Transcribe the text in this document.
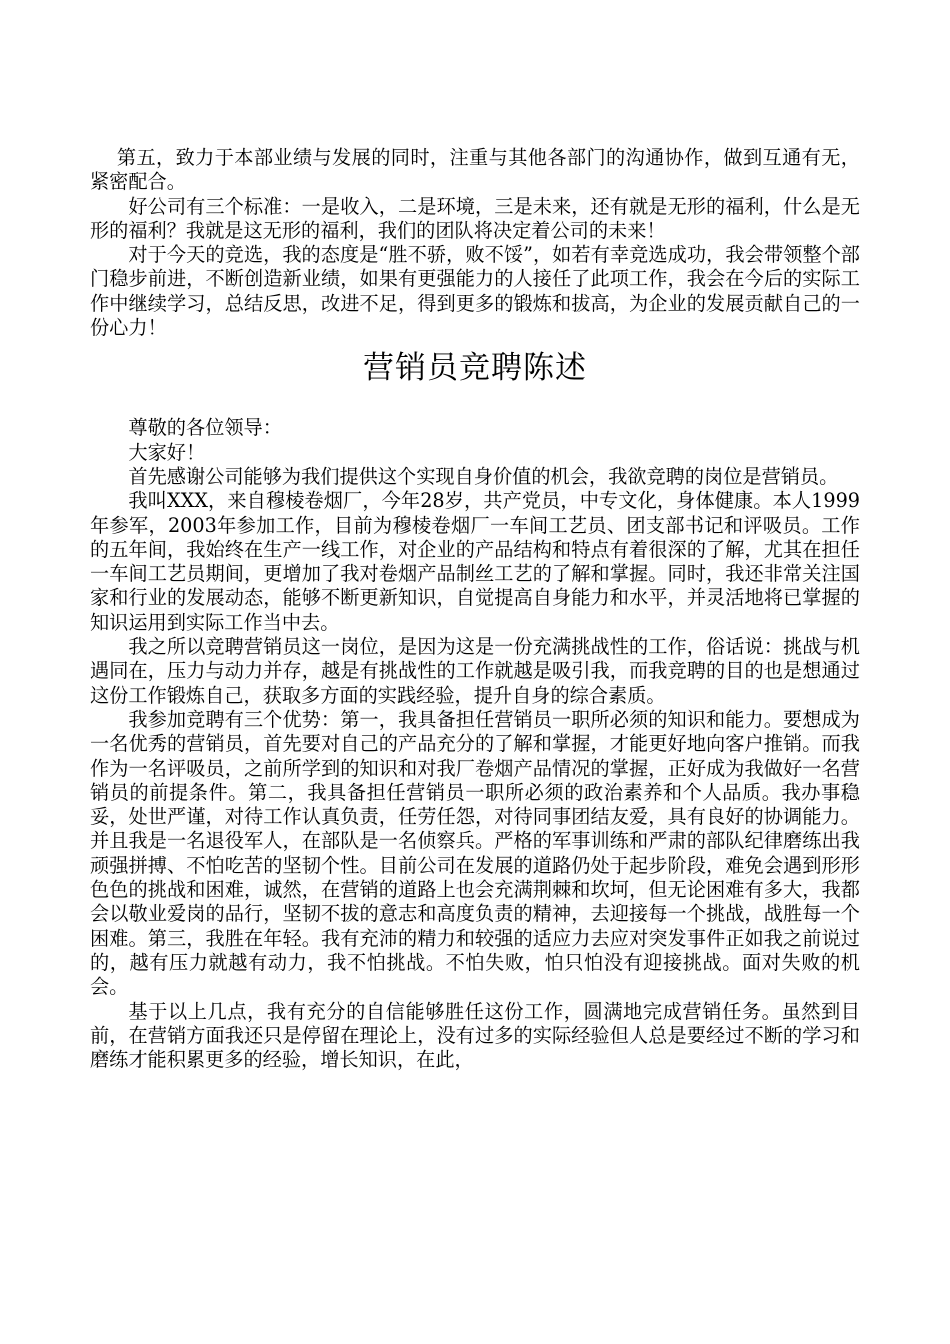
第五，致力于本部业绩与发展的同时，注重与其他各部门的沟通协作，做到互通有无，紧密配合。

好公司有三个标准：一是收入，二是环境，三是未来，还有就是无形的福利，什么是无形的福利？我就是这无形的福利，我们的团队将决定着公司的未来！

对于今天的竞选，我的态度是“胜不骄，败不馁”，如若有幸竞选成功，我会带领整个部门稳步前进，不断创造新业绩，如果有更强能力的人接任了此项工作，我会在今后的实际工作中继续学习，总结反思，改进不足，得到更多的锻炼和拔高，为企业的发展贡献自己的一份心力！

营销员竞聘陈述

尊敬的各位领导：

大家好！

首先感谢公司能够为我们提供这个实现自身价值的机会，我欲竞聘的岗位是营销员。

我叫XXX，来自穆棱卷烟厂，今年28岁，共产党员，中专文化，身体健康。本人1999年参军，2003年参加工作，目前为穆棱卷烟厂一车间工艺员、团支部书记和评吸员。工作的五年间，我始终在生产一线工作，对企业的产品结构和特点有着很深的了解，尤其在担任一车间工艺员期间，更增加了我对卷烟产品制丝工艺的了解和掌握。同时，我还非常关注国家和行业的发展动态，能够不断更新知识，自觉提高自身能力和水平，并灵活地将已掌握的知识运用到实际工作当中去。

我之所以竞聘营销员这一岗位，是因为这是一份充满挑战性的工作，俗话说：挑战与机遇同在，压力与动力并存，越是有挑战性的工作就越是吸引我，而我竞聘的目的也是想通过这份工作锻炼自己，获取多方面的实践经验，提升自身的综合素质。

我参加竞聘有三个优势：第一，我具备担任营销员一职所必须的知识和能力。要想成为一名优秀的营销员，首先要对自己的产品充分的了解和掌握，才能更好地向客户推销。而我作为一名评吸员，之前所学到的知识和对我厂卷烟产品情况的掌握，正好成为我做好一名营销员的前提条件。第二，我具备担任营销员一职所必须的政治素养和个人品质。我办事稳妥，处世严谨，对待工作认真负责，任劳任怨，对待同事团结友爱，具有良好的协调能力。并且我是一名退役军人，在部队是一名侦察兵。严格的军事训练和严肃的部队纪律磨练出我顽强拼搏、不怕吃苦的坚韧个性。目前公司在发展的道路仍处于起步阶段，难免会遇到形形色色的挑战和困难，诚然，在营销的道路上也会充满荆棘和坎坷，但无论困难有多大，我都会以敬业爱岗的品行，坚韧不拔的意志和高度负责的精神，去迎接每一个挑战，战胜每一个困难。第三，我胜在年轻。我有充沛的精力和较强的适应力去应对突发事件正如我之前说过的，越有压力就越有动力，我不怕挑战。不怕失败，怕只怕没有迎接挑战。面对失败的机会。

基于以上几点，我有充分的自信能够胜任这份工作，圆满地完成营销任务。虽然到目前，在营销方面我还只是停留在理论上，没有过多的实际经验但人总是要经过不断的学习和磨练才能积累更多的经验，增长知识，在此，
